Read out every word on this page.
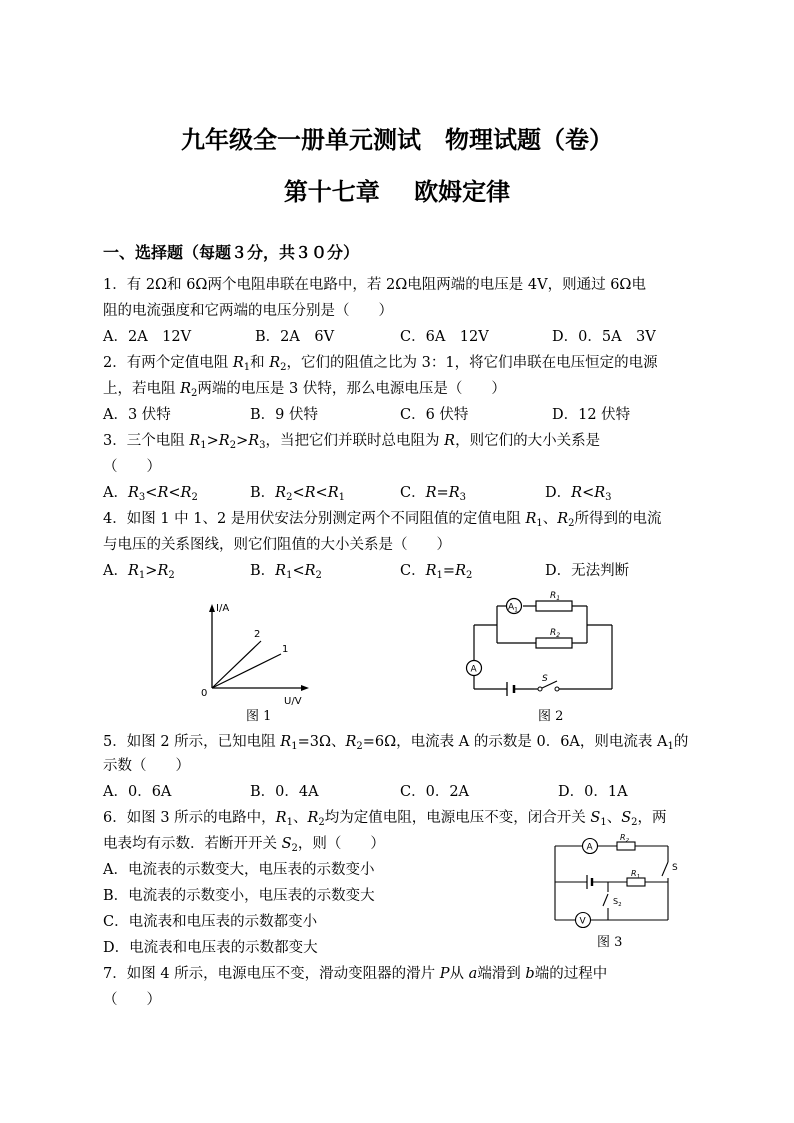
九年级全一册单元测试　物理试题（卷）
第十七章 欧姆定律
一、选择题（每题３分，共３０分）
1．有 2Ω和 6Ω两个电阻串联在电路中，若 2Ω电阻两端的电压是 4V，则通过 6Ω电
阻的电流强度和它两端的电压分别是（　　）
A．2A　12V	B．2A　6V	C．6A　12V	D．0．5A　3V
2．有两个定值电阻 $R_1$和 $R_2$，它们的阻值之比为 3：1，将它们串联在电压恒定的电源
上，若电阻 $R_2$两端的电压是 3 伏特，那么电源电压是（　　）
A．3 伏特	B．9 伏特	C．6 伏特	D．12 伏特
3．三个电阻 $R_1>R_2>R_3$，当把它们并联时总电阻为 R，则它们的大小关系是
（　　）
A．$R_3<R<R_2$	B．$R_2<R<R_1$	C．$R=R_3$	D．$R<R_3$
4．如图 1 中 1、2 是用伏安法分别测定两个不同阻值的定值电阻 $R_1$、$R_2$所得到的电流
与电压的关系图线，则它们阻值的大小关系是（　　）
A．$R_1>R_2$	B．$R_1<R_2$	C．$R_1=R_2$	D．无法判断
I/A
U/V
0
2
1
图 1
$A_1$
A
$R_1$
$R_2$
S
图 2
5．如图 2 所示，已知电阻 $R_1=3\Omega$、$R_2=6\Omega$，电流表 A 的示数是 0．6A，则电流表 $A_1$的
示数（　　）
A．0．6A	B．0．4A	C．0．2A	D．0．1A
6．如图 3 所示的电路中，$R_1$、$R_2$均为定值电阻，电源电压不变，闭合开关 $S_1$、$S_2$，两
电表均有示数．若断开开关 $S_2$，则（　　）
A．电流表的示数变大，电压表的示数变小
B．电流表的示数变小，电压表的示数变大
C．电流表和电压表的示数都变小
D．电流表和电压表的示数都变大
A
V
$R_2$
$R_1$
S
$S_2$
图 3
7．如图 4 所示，电源电压不变，滑动变阻器的滑片 P从 a端滑到 b端的过程中
（　　）
